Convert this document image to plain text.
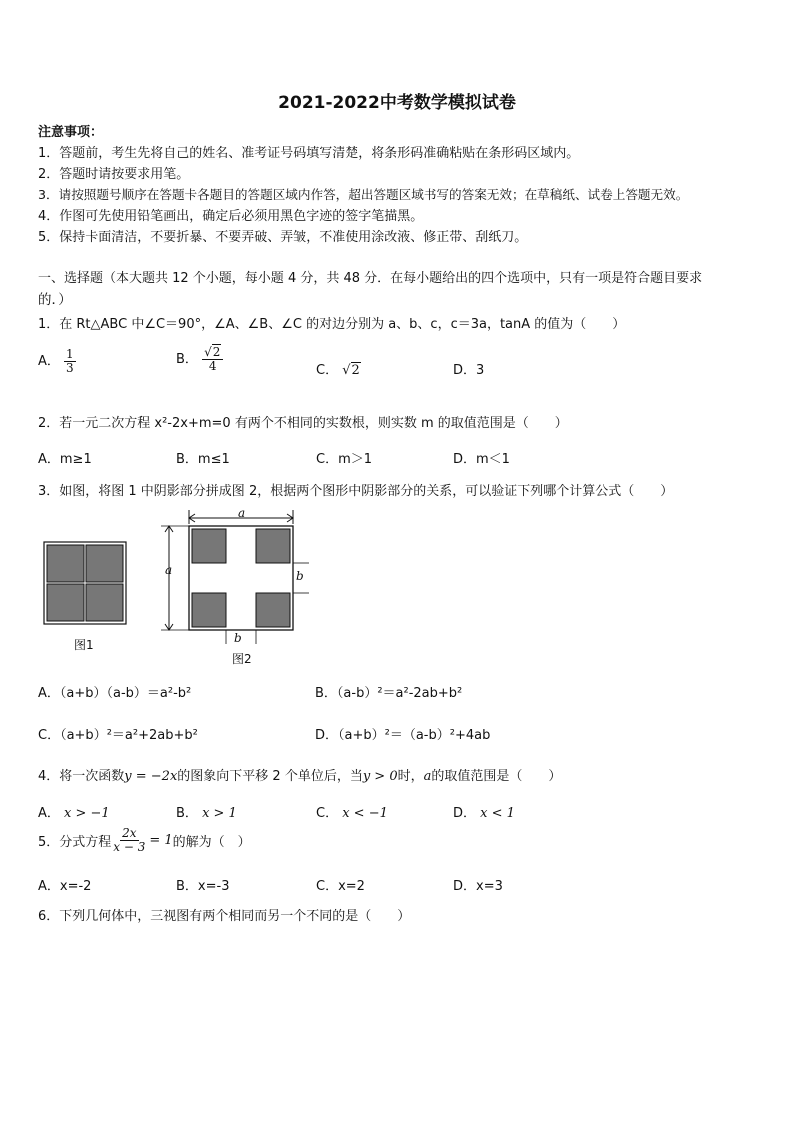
2021-2022中考数学模拟试卷
注意事项：
1．答题前，考生先将自己的姓名、准考证号码填写清楚，将条形码准确粘贴在条形码区域内。
2．答题时请按要求用笔。
3．请按照题号顺序在答题卡各题目的答题区域内作答，超出答题区域书写的答案无效；在草稿纸、试卷上答题无效。
4．作图可先使用铅笔画出，确定后必须用黑色字迹的签字笔描黑。
5．保持卡面清洁，不要折暴、不要弄破、弄皱，不准使用涂改液、修正带、刮纸刀。
一、选择题（本大题共 12 个小题，每小题 4 分，共 48 分．在每小题给出的四个选项中，只有一项是符合题目要求
的．）
1．在 Rt△ABC 中∠C＝90°，∠A、∠B、∠C 的对边分别为 a、b、c，c＝3a，tanA 的值为（　　）
A． $\frac{1}{3}$	B． $\frac{√2}{4}$	C． √2	D．3
2．若一元二次方程 x²-2x+m=0 有两个不相同的实数根，则实数 m 的取值范围是（　　）
A．m≥1	B．m≤1	C．m＞1	D．m＜1
3．如图，将图 1 中阴影部分拼成图 2，根据两个图形中阴影部分的关系，可以验证下列哪个计算公式（　　）
图1
a
a	b
b
图2
A．（a+b）（a-b）＝a²-b²	B．（a-b）²＝a²-2ab+b²
C．（a+b）²＝a²+2ab+b²	D．（a+b）²＝（a-b）²+4ab
4．将一次函数y = −2x的图象向下平移 2 个单位后，当y > 0时，a的取值范围是（　　）
A． x > −1	B． x > 1	C． x < −1	D． x < 1
5．分式方程 $\frac{2x}{x - 3} = 1$ 的解为（　）
A．x=-2	B．x=-3	C．x=2	D．x=3
6．下列几何体中，三视图有两个相同而另一个不同的是（　　）
